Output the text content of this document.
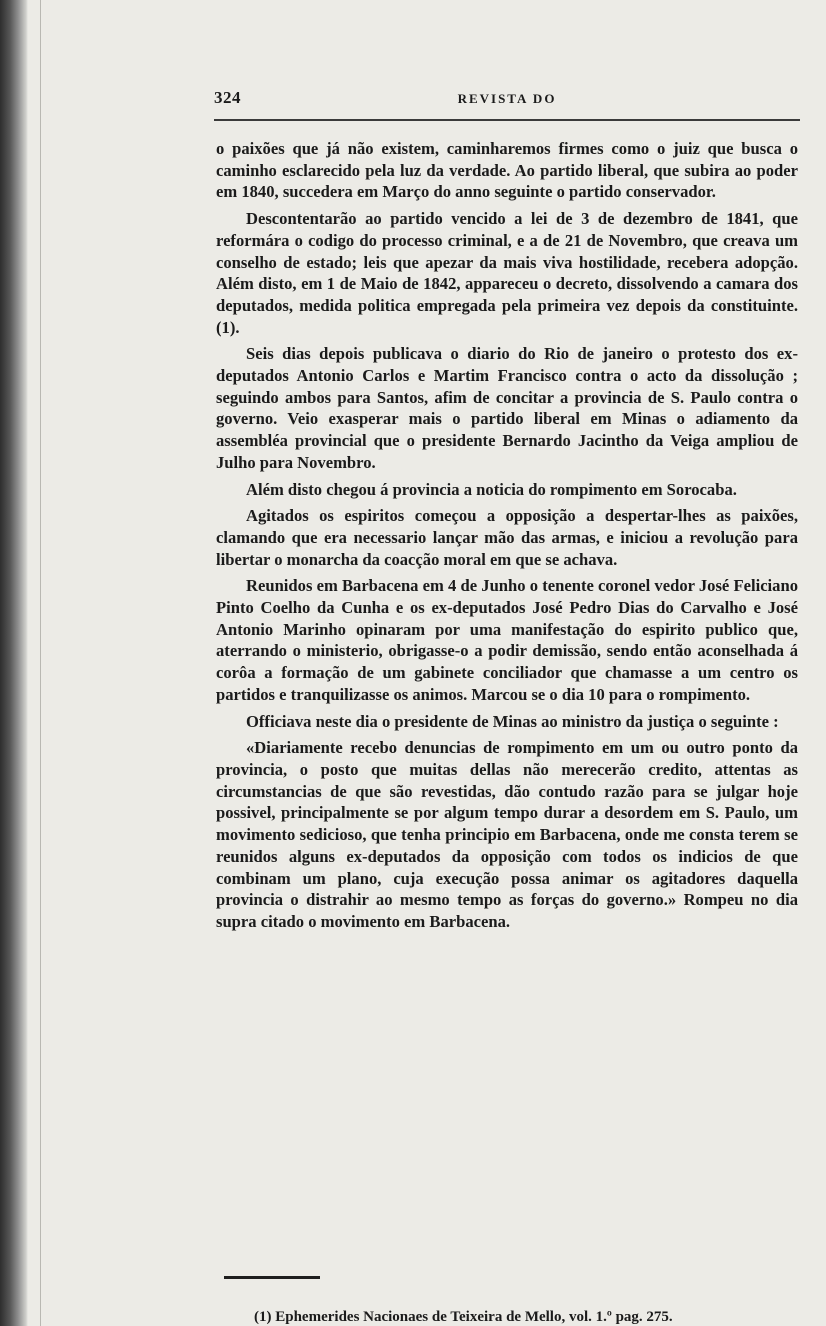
324	REVISTA DO

o paixões que já não existem, caminharemos firmes como o juiz que busca o caminho esclarecido pela luz da verdade. Ao partido liberal, que subira ao poder em 1840, succedera em Março do anno seguinte o partido conservador.

Descontentarão ao partido vencido a lei de 3 de dezembro de 1841, que reformára o codigo do processo criminal, e a de 21 de Novembro, que creava um conselho de estado; leis que apezar da mais viva hostilidade, recebera adopção. Além disto, em 1 de Maio de 1842, appareceu o decreto, dissolvendo a camara dos deputados, medida politica empregada pela primeira vez depois da constituinte. (1).

Seis dias depois publicava o diario do Rio de janeiro o protesto dos ex-deputados Antonio Carlos e Martim Francisco contra o acto da dissolução ; seguindo ambos para Santos, afim de concitar a provincia de S. Paulo contra o governo. Veio exasperar mais o partido liberal em Minas o adiamento da assembléa provincial que o presidente Bernardo Jacintho da Veiga ampliou de Julho para Novembro.

Além disto chegou á provincia a noticia do rompimento em Sorocaba.

Agitados os espiritos começou a opposição a despertar-lhes as paixões, clamando que era necessario lançar mão das armas, e iniciou a revolução para libertar o monarcha da coacção moral em que se achava.

Reunidos em Barbacena em 4 de Junho o tenente coronel vedor José Feliciano Pinto Coelho da Cunha e os ex-deputados José Pedro Dias do Carvalho e José Antonio Marinho opinaram por uma manifestação do espirito publico que, aterrando o ministerio, obrigasse-o a podir demissão, sendo então aconselhada á corôa a formação de um gabinete conciliador que chamasse a um centro os partidos e tranquilizasse os animos. Marcou se o dia 10 para o rompimento.

Officiava neste dia o presidente de Minas ao ministro da justiça o seguinte :

«Diariamente recebo denuncias de rompimento em um ou outro ponto da provincia, o posto que muitas dellas não merecerão credito, attentas as circumstancias de que são revestidas, dão contudo razão para se julgar hoje possivel, principalmente se por algum tempo durar a desordem em S. Paulo, um movimento sedicioso, que tenha principio em Barbacena, onde me consta terem se reunidos alguns ex-deputados da opposição com todos os indicios de que combinam um plano, cuja execução possa animar os agitadores daquella provincia o distrahir ao mesmo tempo as forças do governo.» Rompeu no dia supra citado o movimento em Barbacena.

(1) Ephemerides Nacionaes de Teixeira de Mello, vol. 1.º pag. 275.
